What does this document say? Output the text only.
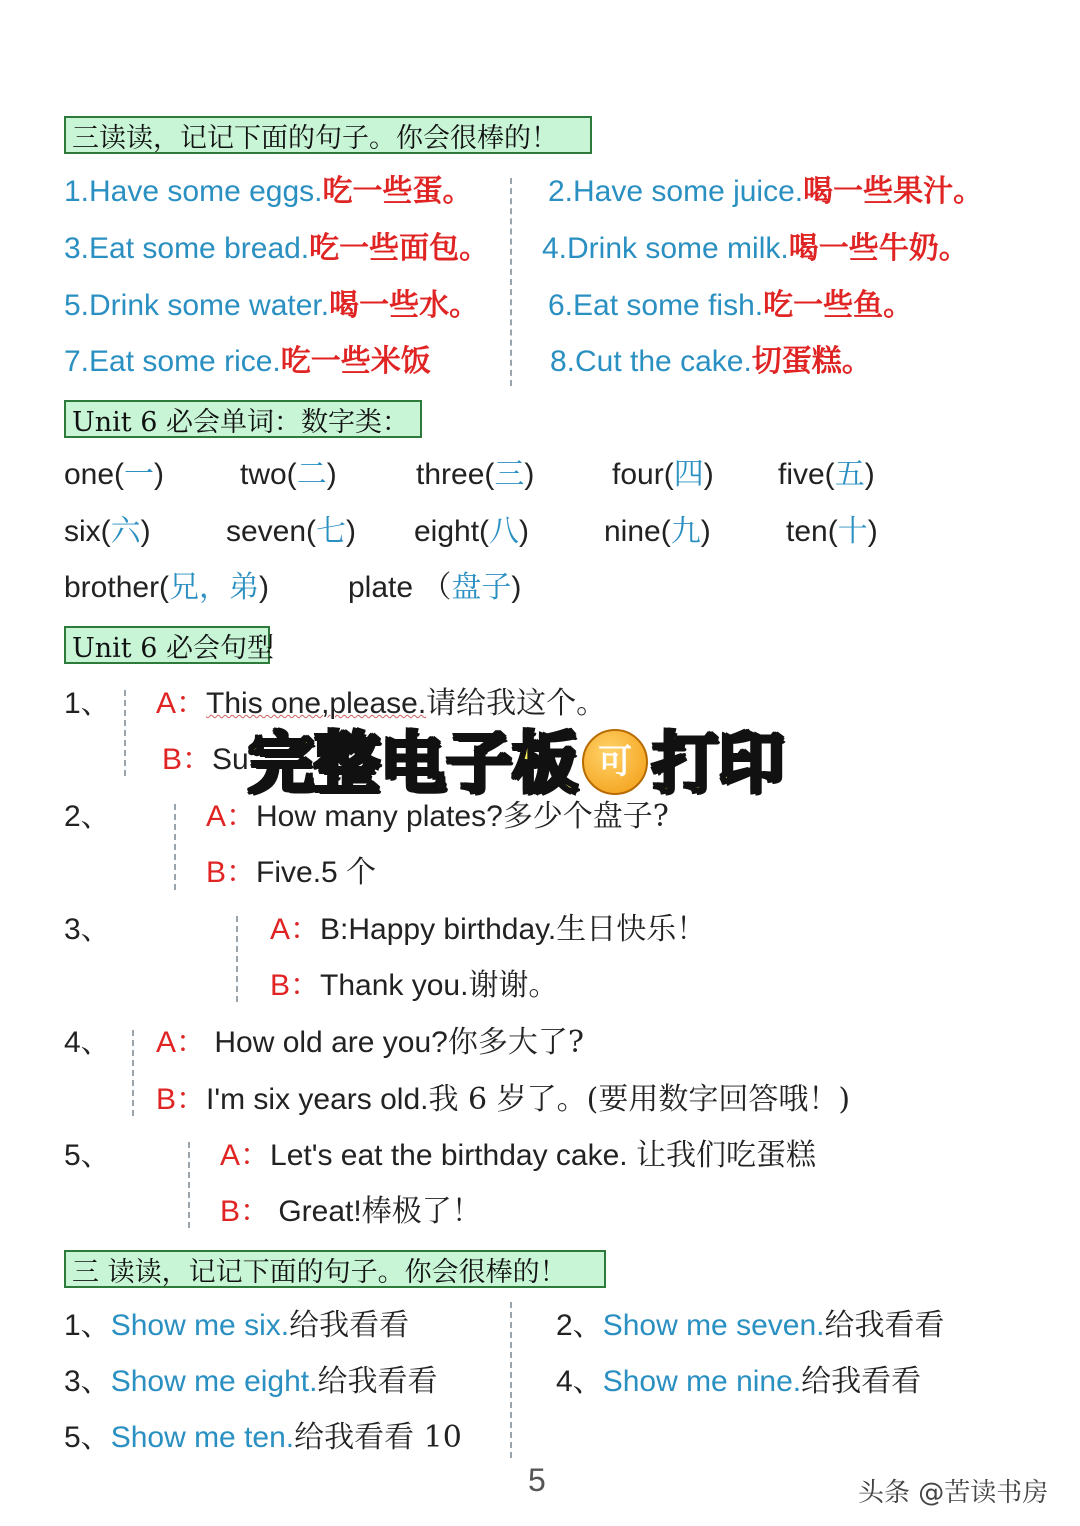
三读读，记记下面的句子。你会很棒的！
1.Have some eggs.吃一些蛋。	2.Have some juice.喝一些果汁。
3.Eat some bread.吃一些面包。 4.Drink some milk.喝一些牛奶。
5.Drink some water.喝一些水。 6.Eat some fish.吃一些鱼。
7.Eat some rice.吃一些米饭	8.Cut the cake.切蛋糕。
Unit 6 必会单词：数字类：
one(一)	two(二)	three(三)	four(四) five(五)
six(六)	seven(七) eight(八) nine(九)	ten(十)
brother(兄，弟)	plate （盘子)
Unit 6 必会句型
1、 A：This one,please.请给我这个。
B：Su
2、	A：How many plates?多少个盘子?
B：Five.5 个
3、	A：B:Happy birthday.生日快乐！
B：Thank you.谢谢。
4、 A： How old are you?你多大了?
B：I'm six years old.我 6 岁了。(要用数字回答哦！)
5、	A：Let's eat the birthday cake. 让我们吃蛋糕
B： Great!棒极了！
三 读读，记记下面的句子。你会很棒的！
1、Show me six.给我看看	2、Show me seven.给我看看
3、Show me eight.给我看看	4、Show me nine.给我看看
5、Show me ten.给我看看 10
完整电子板 可 打印
5	头条 @苦读书房
